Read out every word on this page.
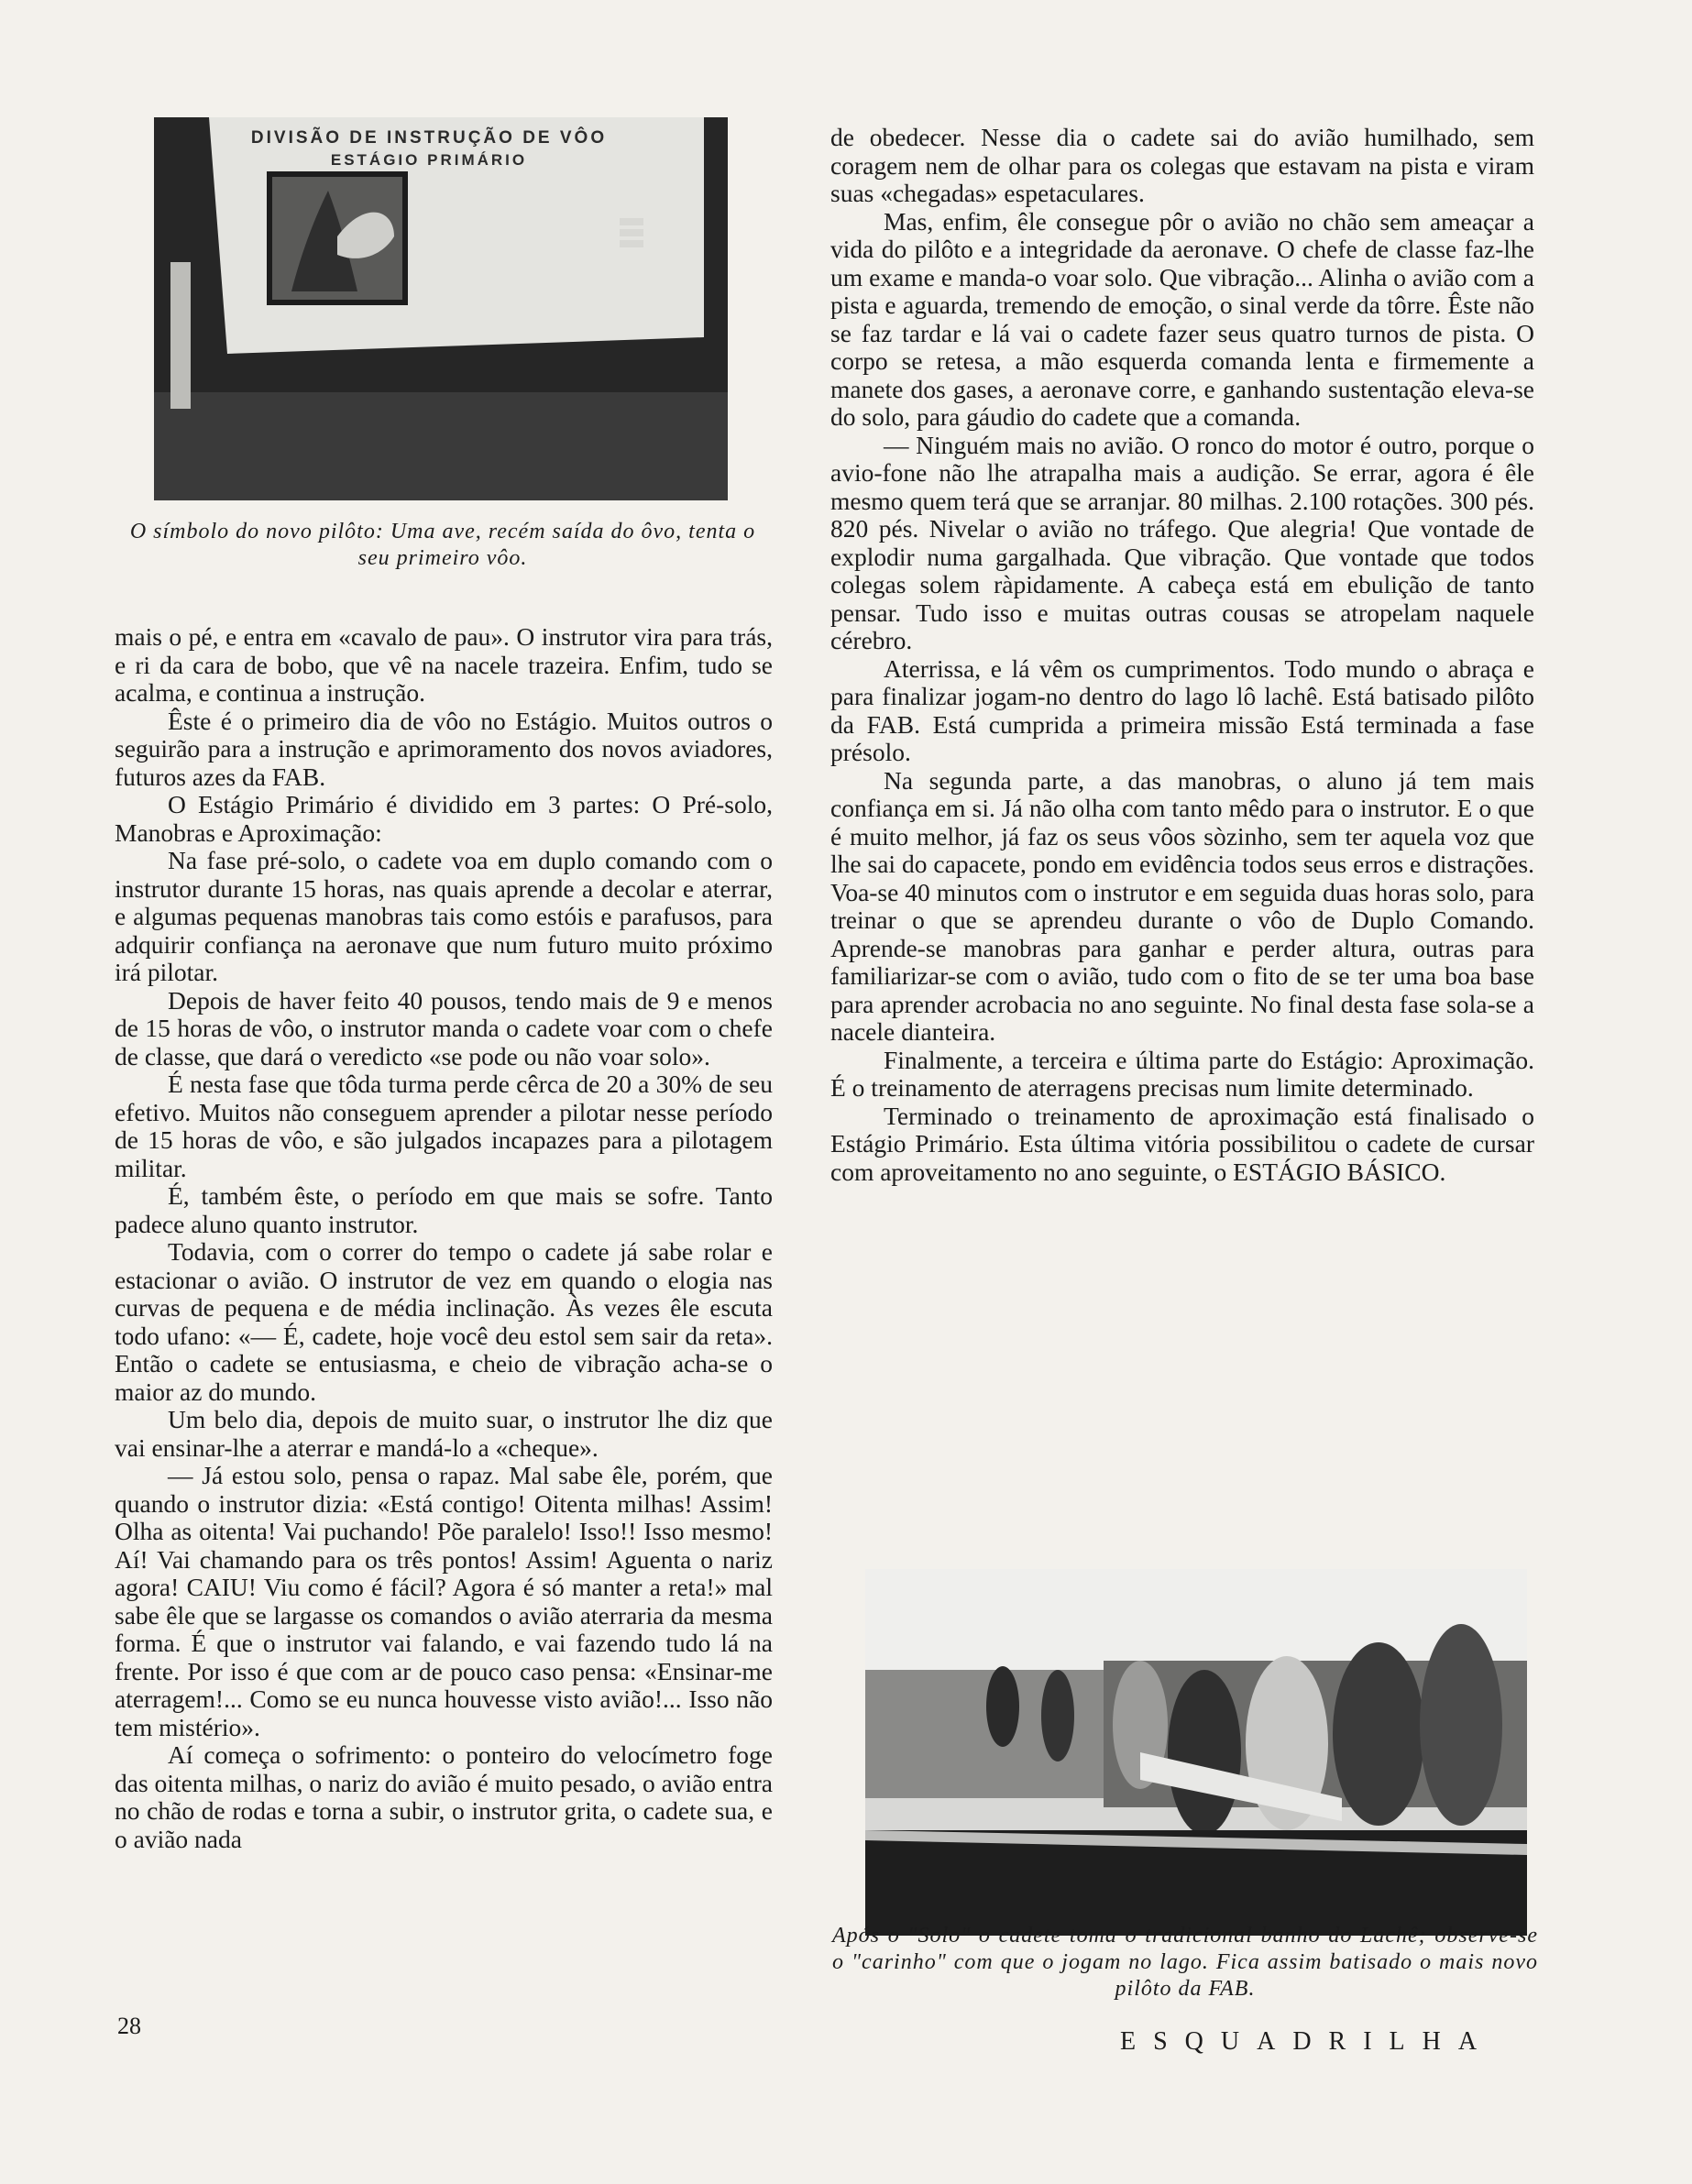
DIVISÃO DE INSTRUÇÃO DE VÔO
ESTÁGIO PRIMÁRIO
O símbolo do novo pilôto: Uma ave, recém saída do ôvo, tenta o seu primeiro vôo.

mais o pé, e entra em «cavalo de pau». O instrutor vira para trás, e ri da cara de bobo, que vê na nacele trazeira. Enfim, tudo se acalma, e continua a instrução.

Êste é o primeiro dia de vôo no Estágio. Muitos outros o seguirão para a instrução e aprimoramento dos novos aviadores, futuros azes da FAB.

O Estágio Primário é dividido em 3 partes: O Pré-solo, Manobras e Aproximação:

Na fase pré-solo, o cadete voa em duplo comando com o instrutor durante 15 horas, nas quais aprende a decolar e aterrar, e algumas pequenas manobras tais como estóis e parafusos, para adquirir confiança na aeronave que num futuro muito próximo irá pilotar.

Depois de haver feito 40 pousos, tendo mais de 9 e menos de 15 horas de vôo, o instrutor manda o cadete voar com o chefe de classe, que dará o veredicto «se pode ou não voar solo».

É nesta fase que tôda turma perde cêrca de 20 a 30% de seu efetivo. Muitos não conseguem aprender a pilotar nesse período de 15 horas de vôo, e são julgados incapazes para a pilotagem militar.

É, também êste, o período em que mais se sofre. Tanto padece aluno quanto instrutor.

Todavia, com o correr do tempo o cadete já sabe rolar e estacionar o avião. O instrutor de vez em quando o elogia nas curvas de pequena e de média inclinação. Às vezes êle escuta todo ufano: «— É, cadete, hoje você deu estol sem sair da reta». Então o cadete se entusiasma, e cheio de vibração acha-se o maior az do mundo.

Um belo dia, depois de muito suar, o instrutor lhe diz que vai ensinar-lhe a aterrar e mandá-lo a «cheque».

— Já estou solo, pensa o rapaz. Mal sabe êle, porém, que quando o instrutor dizia: «Está contigo! Oitenta milhas! Assim! Olha as oitenta! Vai puchando! Põe paralelo! Isso!! Isso mesmo! Aí! Vai chamando para os três pontos! Assim! Aguenta o nariz agora! CAIU! Viu como é fácil? Agora é só manter a reta!» mal sabe êle que se largasse os comandos o avião aterraria da mesma forma. É que o instrutor vai falando, e vai fazendo tudo lá na frente. Por isso é que com ar de pouco caso pensa: «Ensinar-me aterragem!... Como se eu nunca houvesse visto avião!... Isso não tem mistério».

Aí começa o sofrimento: o ponteiro do velocímetro foge das oitenta milhas, o nariz do avião é muito pesado, o avião entra no chão de rodas e torna a subir, o instrutor grita, o cadete sua, e o avião nada

de obedecer. Nesse dia o cadete sai do avião humilhado, sem coragem nem de olhar para os colegas que estavam na pista e viram suas «chegadas» espetaculares.

Mas, enfim, êle consegue pôr o avião no chão sem ameaçar a vida do pilôto e a integridade da aeronave. O chefe de classe faz-lhe um exame e manda-o voar solo. Que vibração... Alinha o avião com a pista e aguarda, tremendo de emoção, o sinal verde da tôrre. Êste não se faz tardar e lá vai o cadete fazer seus quatro turnos de pista. O corpo se retesa, a mão esquerda comanda lenta e firmemente a manete dos gases, a aeronave corre, e ganhando sustentação eleva-se do solo, para gáudio do cadete que a comanda.

— Ninguém mais no avião. O ronco do motor é outro, porque o avio-fone não lhe atrapalha mais a audição. Se errar, agora é êle mesmo quem terá que se arranjar. 80 milhas. 2.100 rotações. 300 pés. 820 pés. Nivelar o avião no tráfego. Que alegria! Que vontade de explodir numa gargalhada. Que vibração. Que vontade que todos colegas solem ràpidamente. A cabeça está em ebulição de tanto pensar. Tudo isso e muitas outras cousas se atropelam naquele cérebro.

Aterrissa, e lá vêm os cumprimentos. Todo mundo o abraça e para finalizar jogam-no dentro do lago lô lachê. Está batisado pilôto da FAB. Está cumprida a primeira missão Está terminada a fase présolo.

Na segunda parte, a das manobras, o aluno já tem mais confiança em si. Já não olha com tanto mêdo para o instrutor. E o que é muito melhor, já faz os seus vôos sòzinho, sem ter aquela voz que lhe sai do capacete, pondo em evidência todos seus erros e distrações. Voa-se 40 minutos com o instrutor e em seguida duas horas solo, para treinar o que se aprendeu durante o vôo de Duplo Comando. Aprende-se manobras para ganhar e perder altura, outras para familiarizar-se com o avião, tudo com o fito de se ter uma boa base para aprender acrobacia no ano seguinte. No final desta fase sola-se a nacele dianteira.

Finalmente, a terceira e última parte do Estágio: Aproximação. É o treinamento de aterragens precisas num limite determinado.

Terminado o treinamento de aproximação está finalisado o Estágio Primário. Esta última vitória possibilitou o cadete de cursar com aproveitamento no ano seguinte, o ESTÁGIO BÁSICO.

Após o "Solo" o cadete toma o tradicional banho do Lachê; observe-se o "carinho" com que o jogam no lago. Fica assim batisado o mais novo pilôto da FAB.
28
ESQUADRILHA
